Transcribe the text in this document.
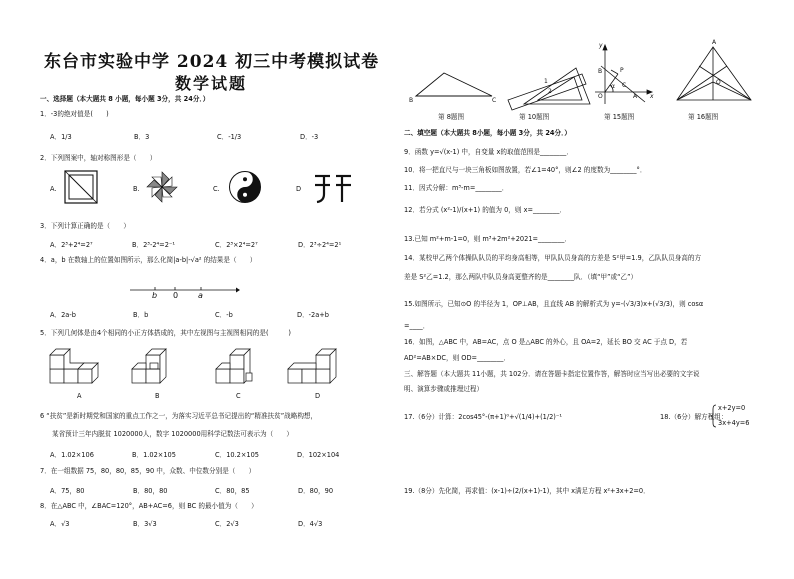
东台市实验中学 2024 初三中考模拟试卷
数学试题
一、选择题（本大题共 8 小题，每小题 3分，共 24分．）
1．-3的绝对值是(　　)
A．1/3	B．3	C．-1/3	D．-3
2．下列图案中，轴对称图形是（　　）
A.	B.	C.	D
3．下列计算正确的是（　　）
A．2³+2⁴=2⁷	B．2³-2⁴=2⁻¹	C．2³×2⁴=2⁷	D．2³÷2⁴=2¹
4．a，b 在数轴上的位置如图所示，那么化简|a-b|-√a² 的结果是（　　）
b 0 a
A．2a-b	B．b	C．-b	D．-2a+b
5．下列几何体是由4个相同的小正方体搭成的，其中左视图与主视图相同的是(　　　)
A	B	C	D
6 “扶贫”是新时期党和国家的重点工作之一，为落实习近平总书记提出的“精准扶贫”战略构想，
某省预计三年内脱贫 1020000人，数字 1020000用科学记数法可表示为（　　）
A．1.02×106	B．1.02×105	C．10.2×105	D．102×104
7．在一组数据 75，80，80，85，90 中，众数、中位数分别是（　　）
A．75，80	B．80，80	C．80，85	D．80，90
8．在△ABC 中，∠BAC=120°，AB+AC=6，则 BC 的最小值为（　　）
A．√3	B．3√3	C．2√3	D．4√3
B	C
第 8题图
1
2
第 10题图
y
B	P
C
α
O	A x
第 15题图
A
O
第 16题图
二、填空题（本大题共 8小题，每小题 3分，共 24分．）
9．函数 y=√(x-1) 中，自变量 x的取值范围是________．
10．将一把直尺与一块三角板如图放置，若∠1=40°，则∠2 的度数为________°．
11．因式分解：m³-m=________．
12．若分式 (x²-1)/(x+1) 的值为 0，则 x=________．
13.已知 m²+m-1=0，则 m³+2m²+2021=________．
14．某校甲乙两个体操队队员的平均身高相等，甲队队员身高的方差是 S²甲=1.9，乙队队员身高的方
差是 S²乙=1.2，那么两队中队员身高更整齐的是________队．（填“甲”或“乙”）
15.如图所示，已知⊙O 的半径为 1，OP⊥AB，且直线 AB 的解析式为 y=-(√3/3)x+(√3/3)，则 cosα
=____．
16．如图，△ABC 中，AB=AC，点 O 是△ABC 的外心，且 OA=2，延长 BO 交 AC 于点 D，若
AD²=AB×DC，则 OD=________．
三、解答题（本大题共 11小题，共 102分．请在答题卡指定位置作答，解答时应当写出必要的文字说
明、演算步骤或推理过程）
17.（6分）计算：2cos45°-(π+1)⁰+√(1/4)+(1/2)⁻¹	18.（6分）解方程组：
x+2y=0
3x+4y=6
19.（8分）先化简，再求值：(x-1)÷(2/(x+1)-1)，其中 x满足方程 x²+3x+2=0．
